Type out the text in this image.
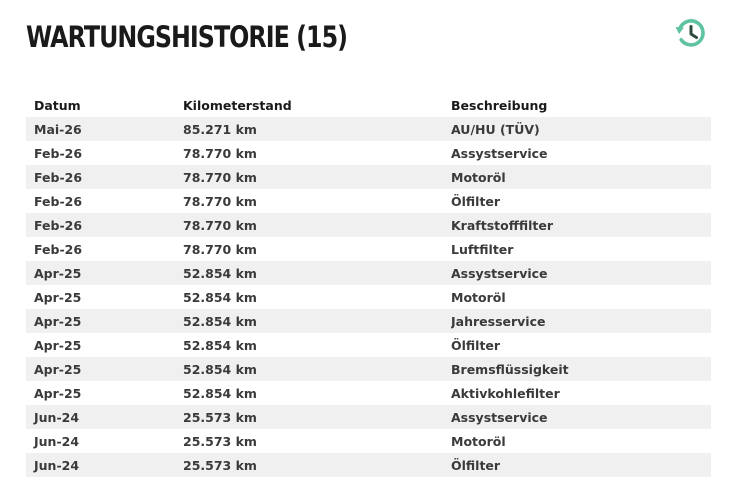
WARTUNGSHISTORIE (15)
Datum	Kilometerstand	Beschreibung
Mai-26	85.271 km	AU/HU (TÜV)
Feb-26	78.770 km	Assystservice
Feb-26	78.770 km	Motoröl
Feb-26	78.770 km	Ölfilter
Feb-26	78.770 km	Kraftstofffilter
Feb-26	78.770 km	Luftfilter
Apr-25	52.854 km	Assystservice
Apr-25	52.854 km	Motoröl
Apr-25	52.854 km	Jahresservice
Apr-25	52.854 km	Ölfilter
Apr-25	52.854 km	Bremsflüssigkeit
Apr-25	52.854 km	Aktivkohlefilter
Jun-24	25.573 km	Assystservice
Jun-24	25.573 km	Motoröl
Jun-24	25.573 km	Ölfilter
